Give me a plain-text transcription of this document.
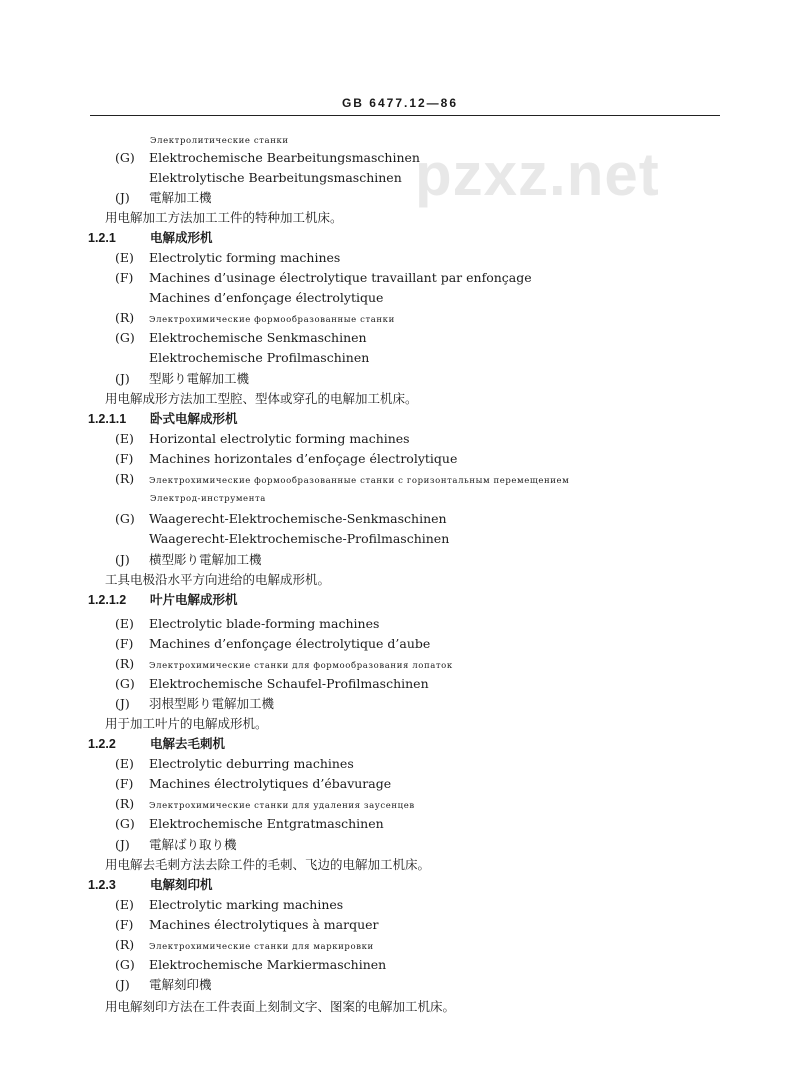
pzxz.net
GB 6477.12—86
Электролитические станки
(G) Elektrochemische Bearbeitungsmaschinen
Elektrolytische Bearbeitungsmaschinen
(J) 電解加工機
用电解加工方法加工工件的特种加工机床。
1.2.1	电解成形机
(E) Electrolytic forming machines
(F) Machines d’usinage électrolytique travaillant par enfonçage
Machines d’enfonçage électrolytique
(R) Электрохимические формообразованные станки
(G) Elektrochemische Senkmaschinen
Elektrochemische Profilmaschinen
(J) 型彫り電解加工機
用电解成形方法加工型腔、型体或穿孔的电解加工机床。
1.2.1.1 卧式电解成形机
(E) Horizontal electrolytic forming machines
(F) Machines horizontales d’enfoçage électrolytique
(R) Электрохимические формообразованные станки с горизонтальным перемещением
Электрод-инструмента
(G) Waagerecht-Elektrochemische-Senkmaschinen
Waagerecht-Elektrochemische-Profilmaschinen
(J) 横型彫り電解加工機
工具电极沿水平方向进给的电解成形机。
1.2.1.2 叶片电解成形机
(E) Electrolytic blade-forming machines
(F) Machines d’enfonçage électrolytique d’aube
(R) Электрохимические станки для формообразования лопаток
(G) Elektrochemische Schaufel-Profilmaschinen
(J) 羽根型彫り電解加工機
用于加工叶片的电解成形机。
1.2.2	电解去毛刺机
(E) Electrolytic deburring machines
(F) Machines électrolytiques d’ébavurage
(R) Электрохимические станки для удаления заусенцев
(G) Elektrochemische Entgratmaschinen
(J) 電解ばり取り機
用电解去毛刺方法去除工件的毛刺、飞边的电解加工机床。
1.2.3	电解刻印机
(E) Electrolytic marking machines
(F) Machines électrolytiques à marquer
(R) Электрохимические станки для маркировки
(G) Elektrochemische Markiermaschinen
(J) 電解刻印機
用电解刻印方法在工件表面上刻制文字、图案的电解加工机床。
